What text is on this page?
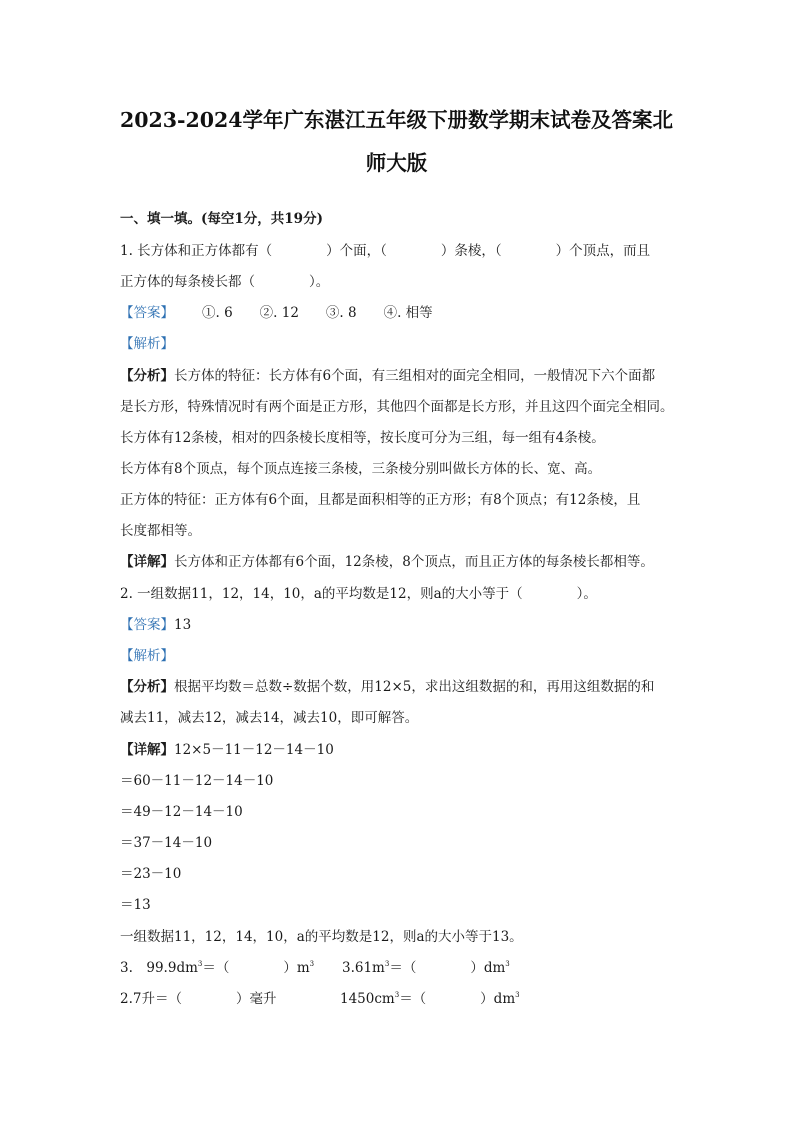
2023-2024学年广东湛江五年级下册数学期末试卷及答案北
师大版
一、填一填。(每空1分，共19分)
1. 长方体和正方体都有（　　　　）个面，（　　　　）条棱，（　　　　）个顶点，而且
正方体的每条棱长都（　　　　）。
【答案】 ①. 6　　②. 12　　③. 8　　④. 相等
【解析】
【分析】长方体的特征：长方体有6个面，有三组相对的面完全相同，一般情况下六个面都
是长方形，特殊情况时有两个面是正方形，其他四个面都是长方形，并且这四个面完全相同。
长方体有12条棱，相对的四条棱长度相等，按长度可分为三组，每一组有4条棱。
长方体有8个顶点，每个顶点连接三条棱，三条棱分别叫做长方体的长、宽、高。
正方体的特征：正方体有6个面，且都是面积相等的正方形；有8个顶点；有12条棱，且
长度都相等。
【详解】长方体和正方体都有6个面，12条棱，8个顶点，而且正方体的每条棱长都相等。
2. 一组数据11，12，14，10，a的平均数是12，则a的大小等于（　　　　）。
【答案】13
【解析】
【分析】根据平均数＝总数÷数据个数，用12×5，求出这组数据的和，再用这组数据的和
减去11，减去12，减去14，减去10，即可解答。
【详解】12×5－11－12－14－10
＝60－11－12－14－10
＝49－12－14－10
＝37－14－10
＝23－10
＝13
一组数据11，12，14，10，a的平均数是12，则a的大小等于13。
3.　$99.9dm^3=$（　　　　）$m^3$ $3.61m^3=$（　　　　）$dm^3$
2.7升＝（　　　　）毫升	$1450cm^3=$（　　　　）$dm^3$
